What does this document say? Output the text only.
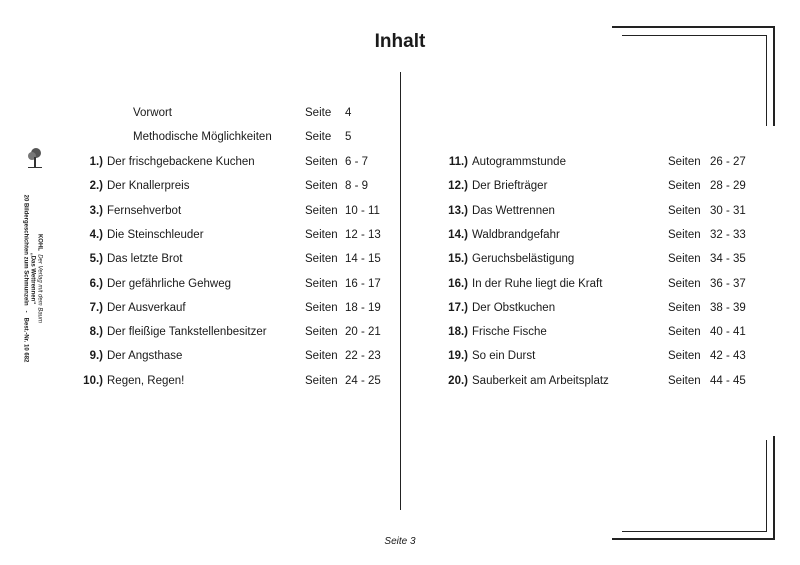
Inhalt
KOHL  Der Verlag mit dem Baum
„Das Wettrennen“
20 Bildergeschichten zum Schmunzeln   -   Best.-Nr. 10 682
Vorwort	Seite 4
Methodische Möglichkeiten	Seite 5
1.) Der frischgebackene Kuchen	Seiten 6 - 7
2.) Der Knallerpreis	Seiten 8 - 9
3.) Fernsehverbot	Seiten 10 - 11
4.) Die Steinschleuder	Seiten 12 - 13
5.) Das letzte Brot	Seiten 14 - 15
6.) Der gefährliche Gehweg	Seiten 16 - 17
7.) Der Ausverkauf	Seiten 18 - 19
8.) Der fleißige Tankstellenbesitzer	Seiten 20 - 21
9.) Der Angsthase	Seiten 22 - 23
10.) Regen, Regen!	Seiten 24 - 25
11.) Autogrammstunde	Seiten 26 - 27
12.) Der Briefträger	Seiten 28 - 29
13.) Das Wettrennen	Seiten 30 - 31
14.) Waldbrandgefahr	Seiten 32 - 33
15.) Geruchsbelästigung	Seiten 34 - 35
16.) In der Ruhe liegt die Kraft	Seiten 36 - 37
17.) Der Obstkuchen	Seiten 38 - 39
18.) Frische Fische	Seiten 40 - 41
19.) So ein Durst	Seiten 42 - 43
20.) Sauberkeit am Arbeitsplatz	Seiten 44 - 45
Seite 3
